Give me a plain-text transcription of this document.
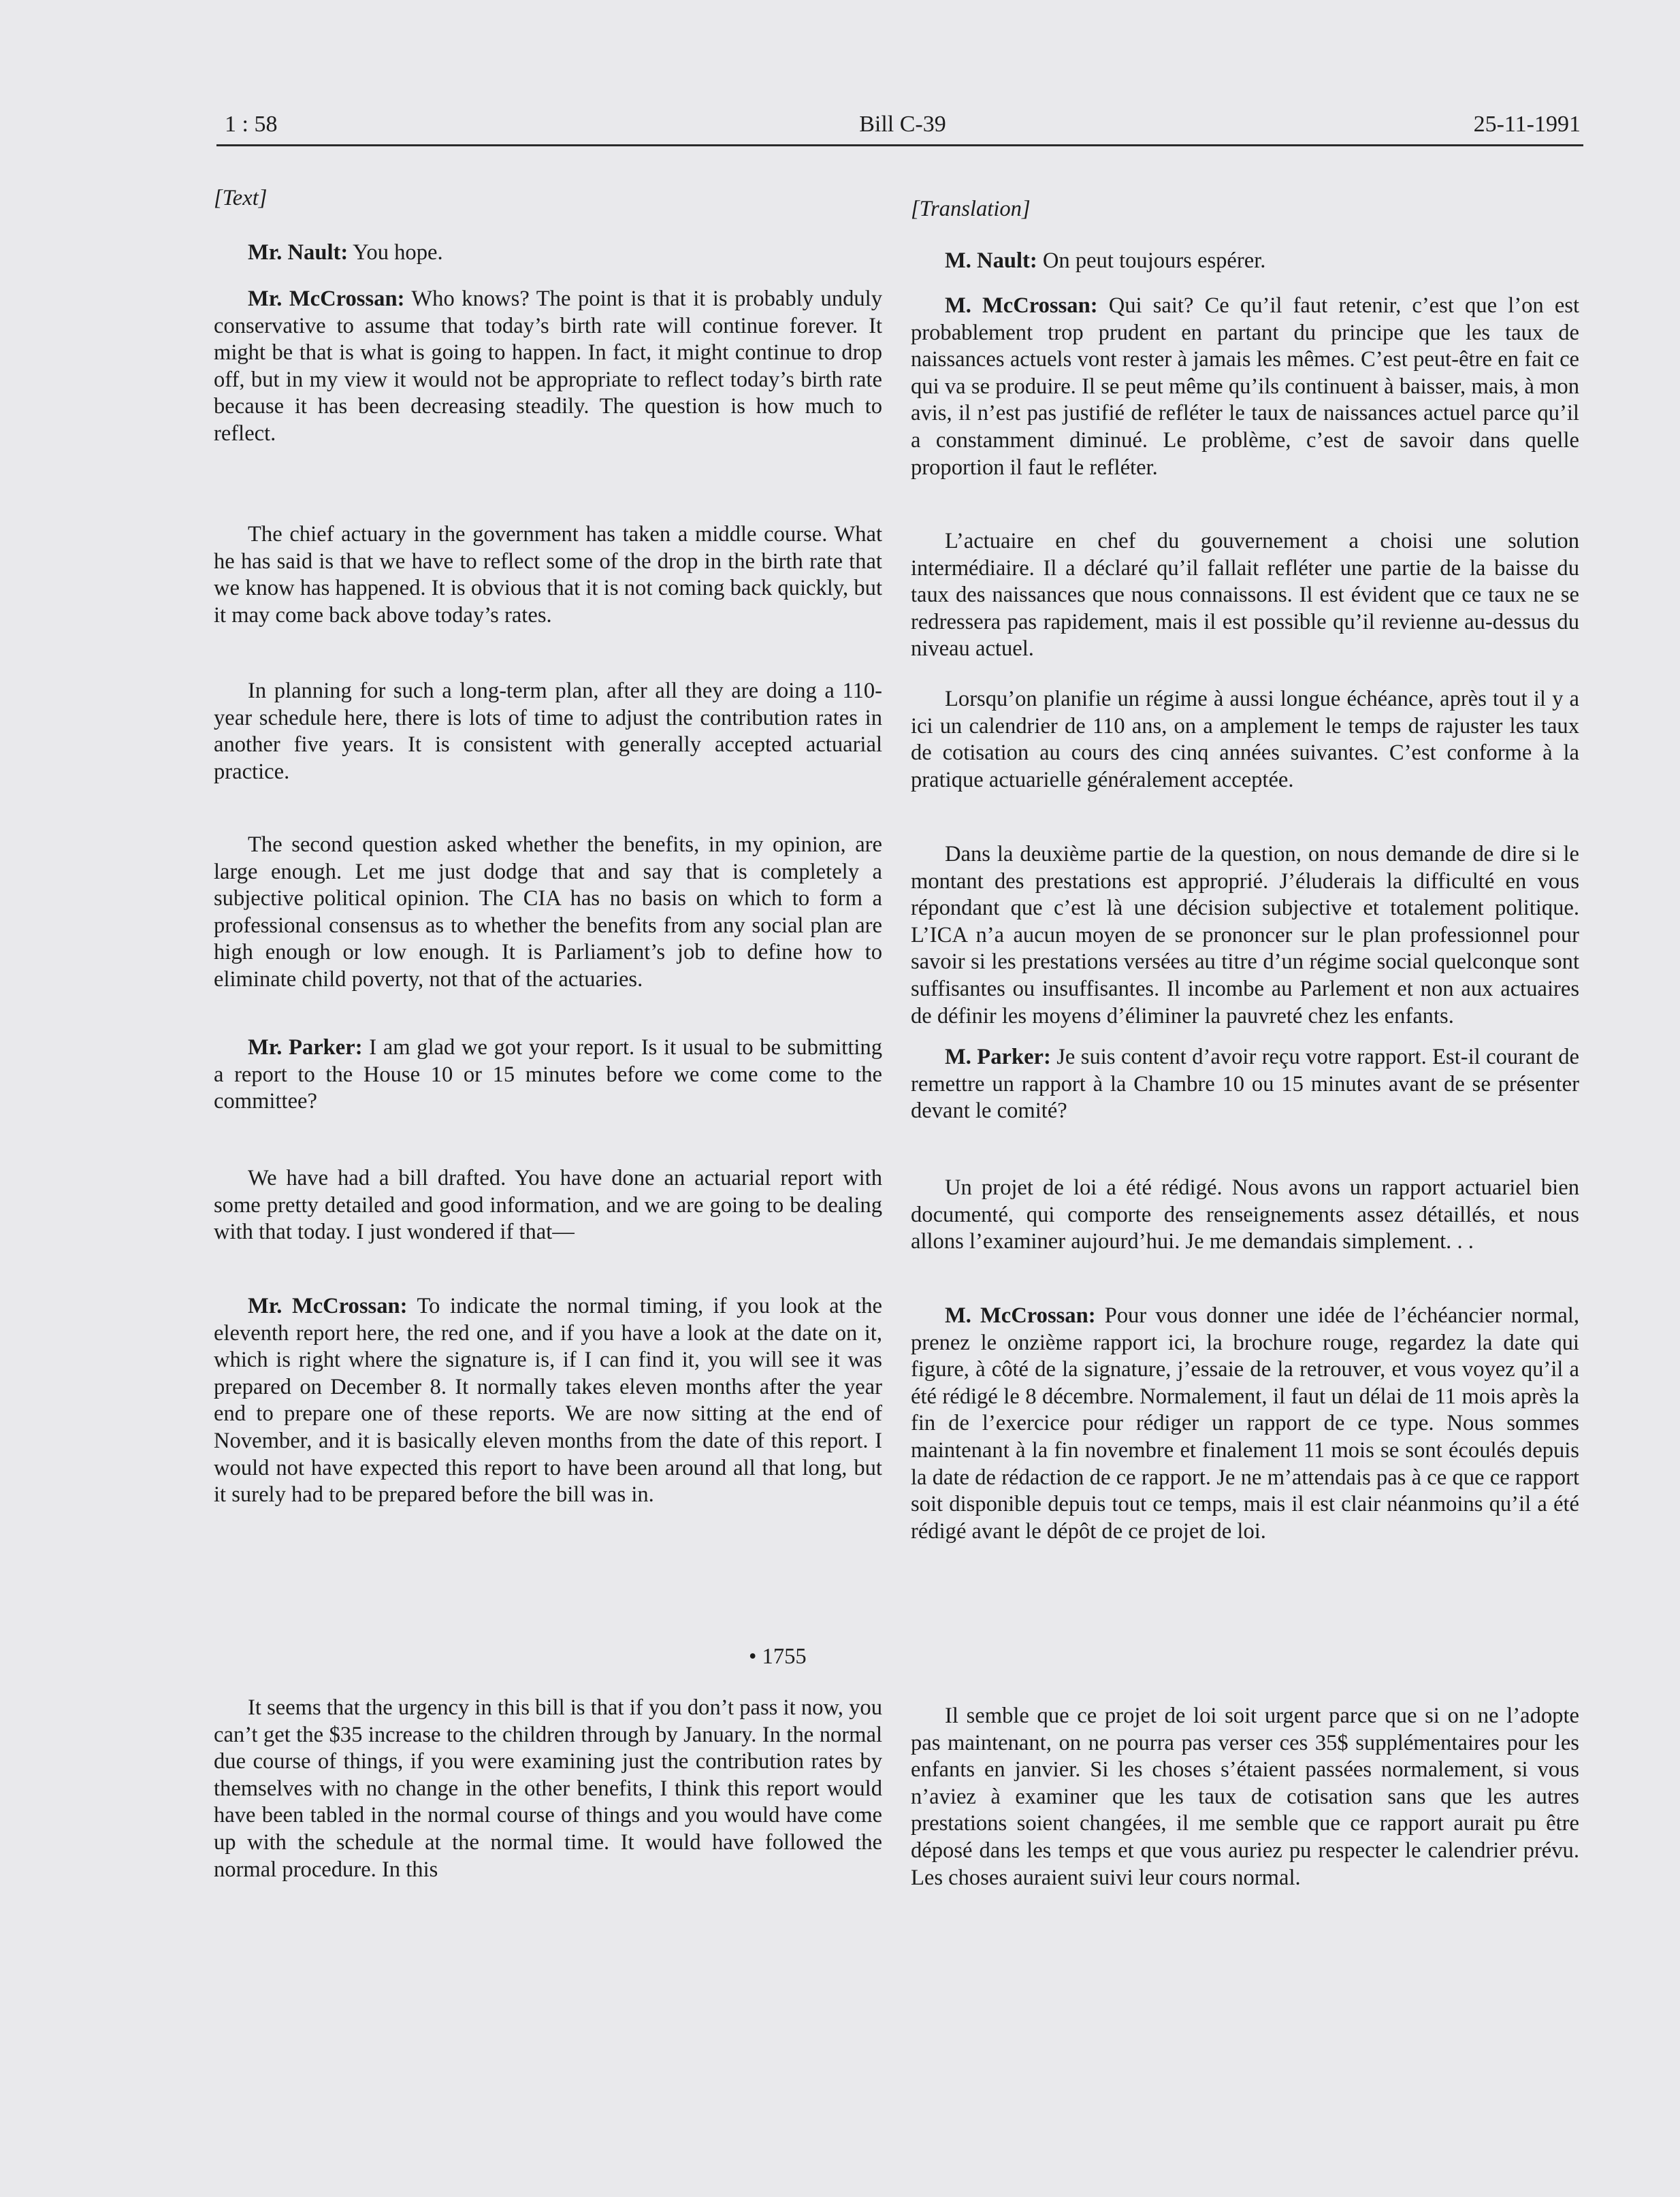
1 : 58	Bill C-39	25-11-1991

[Text]

Mr. Nault: You hope.

Mr. McCrossan: Who knows? The point is that it is probably unduly conservative to assume that today’s birth rate will continue forever. It might be that is what is going to happen. In fact, it might continue to drop off, but in my view it would not be appropriate to reflect today’s birth rate because it has been decreasing steadily. The question is how much to reflect.

The chief actuary in the government has taken a middle course. What he has said is that we have to reflect some of the drop in the birth rate that we know has happened. It is obvious that it is not coming back quickly, but it may come back above today’s rates.

In planning for such a long-term plan, after all they are doing a 110-year schedule here, there is lots of time to adjust the contribution rates in another five years. It is consistent with generally accepted actuarial practice.

The second question asked whether the benefits, in my opinion, are large enough. Let me just dodge that and say that is completely a subjective political opinion. The CIA has no basis on which to form a professional consensus as to whether the benefits from any social plan are high enough or low enough. It is Parliament’s job to define how to eliminate child poverty, not that of the actuaries.

Mr. Parker: I am glad we got your report. Is it usual to be submitting a report to the House 10 or 15 minutes before we come come to the committee?

We have had a bill drafted. You have done an actuarial report with some pretty detailed and good information, and we are going to be dealing with that today. I just wondered if that—

Mr. McCrossan: To indicate the normal timing, if you look at the eleventh report here, the red one, and if you have a look at the date on it, which is right where the signature is, if I can find it, you will see it was prepared on December 8. It normally takes eleven months after the year end to prepare one of these reports. We are now sitting at the end of November, and it is basically eleven months from the date of this report. I would not have expected this report to have been around all that long, but it surely had to be prepared before the bill was in.

It seems that the urgency in this bill is that if you don’t pass it now, you can’t get the $35 increase to the children through by January. In the normal due course of things, if you were examining just the contribution rates by themselves with no change in the other benefits, I think this report would have been tabled in the normal course of things and you would have come up with the schedule at the normal time. It would have followed the normal procedure. In this

• 1755

[Translation]

M. Nault: On peut toujours espérer.

M. McCrossan: Qui sait? Ce qu’il faut retenir, c’est que l’on est probablement trop prudent en partant du principe que les taux de naissances actuels vont rester à jamais les mêmes. C’est peut-être en fait ce qui va se produire. Il se peut même qu’ils continuent à baisser, mais, à mon avis, il n’est pas justifié de refléter le taux de naissances actuel parce qu’il a constamment diminué. Le problème, c’est de savoir dans quelle proportion il faut le refléter.

L’actuaire en chef du gouvernement a choisi une solution intermédiaire. Il a déclaré qu’il fallait refléter une partie de la baisse du taux des naissances que nous connaissons. Il est évident que ce taux ne se redressera pas rapidement, mais il est possible qu’il revienne au-dessus du niveau actuel.

Lorsqu’on planifie un régime à aussi longue échéance, après tout il y a ici un calendrier de 110 ans, on a amplement le temps de rajuster les taux de cotisation au cours des cinq années suivantes. C’est conforme à la pratique actuarielle généralement acceptée.

Dans la deuxième partie de la question, on nous demande de dire si le montant des prestations est approprié. J’éluderais la difficulté en vous répondant que c’est là une décision subjective et totalement politique. L’ICA n’a aucun moyen de se prononcer sur le plan professionnel pour savoir si les prestations versées au titre d’un régime social quelconque sont suffisantes ou insuffisantes. Il incombe au Parlement et non aux actuaires de définir les moyens d’éliminer la pauvreté chez les enfants.

M. Parker: Je suis content d’avoir reçu votre rapport. Est-il courant de remettre un rapport à la Chambre 10 ou 15 minutes avant de se présenter devant le comité?

Un projet de loi a été rédigé. Nous avons un rapport actuariel bien documenté, qui comporte des renseignements assez détaillés, et nous allons l’examiner aujourd’hui. Je me demandais simplement. . .

M. McCrossan: Pour vous donner une idée de l’échéancier normal, prenez le onzième rapport ici, la brochure rouge, regardez la date qui figure, à côté de la signature, j’essaie de la retrouver, et vous voyez qu’il a été rédigé le 8 décembre. Normalement, il faut un délai de 11 mois après la fin de l’exercice pour rédiger un rapport de ce type. Nous sommes maintenant à la fin novembre et finalement 11 mois se sont écoulés depuis la date de rédaction de ce rapport. Je ne m’attendais pas à ce que ce rapport soit disponible depuis tout ce temps, mais il est clair néanmoins qu’il a été rédigé avant le dépôt de ce projet de loi.

Il semble que ce projet de loi soit urgent parce que si on ne l’adopte pas maintenant, on ne pourra pas verser ces 35$ supplémentaires pour les enfants en janvier. Si les choses s’étaient passées normalement, si vous n’aviez à examiner que les taux de cotisation sans que les autres prestations soient changées, il me semble que ce rapport aurait pu être déposé dans les temps et que vous auriez pu respecter le calendrier prévu. Les choses auraient suivi leur cours normal.
